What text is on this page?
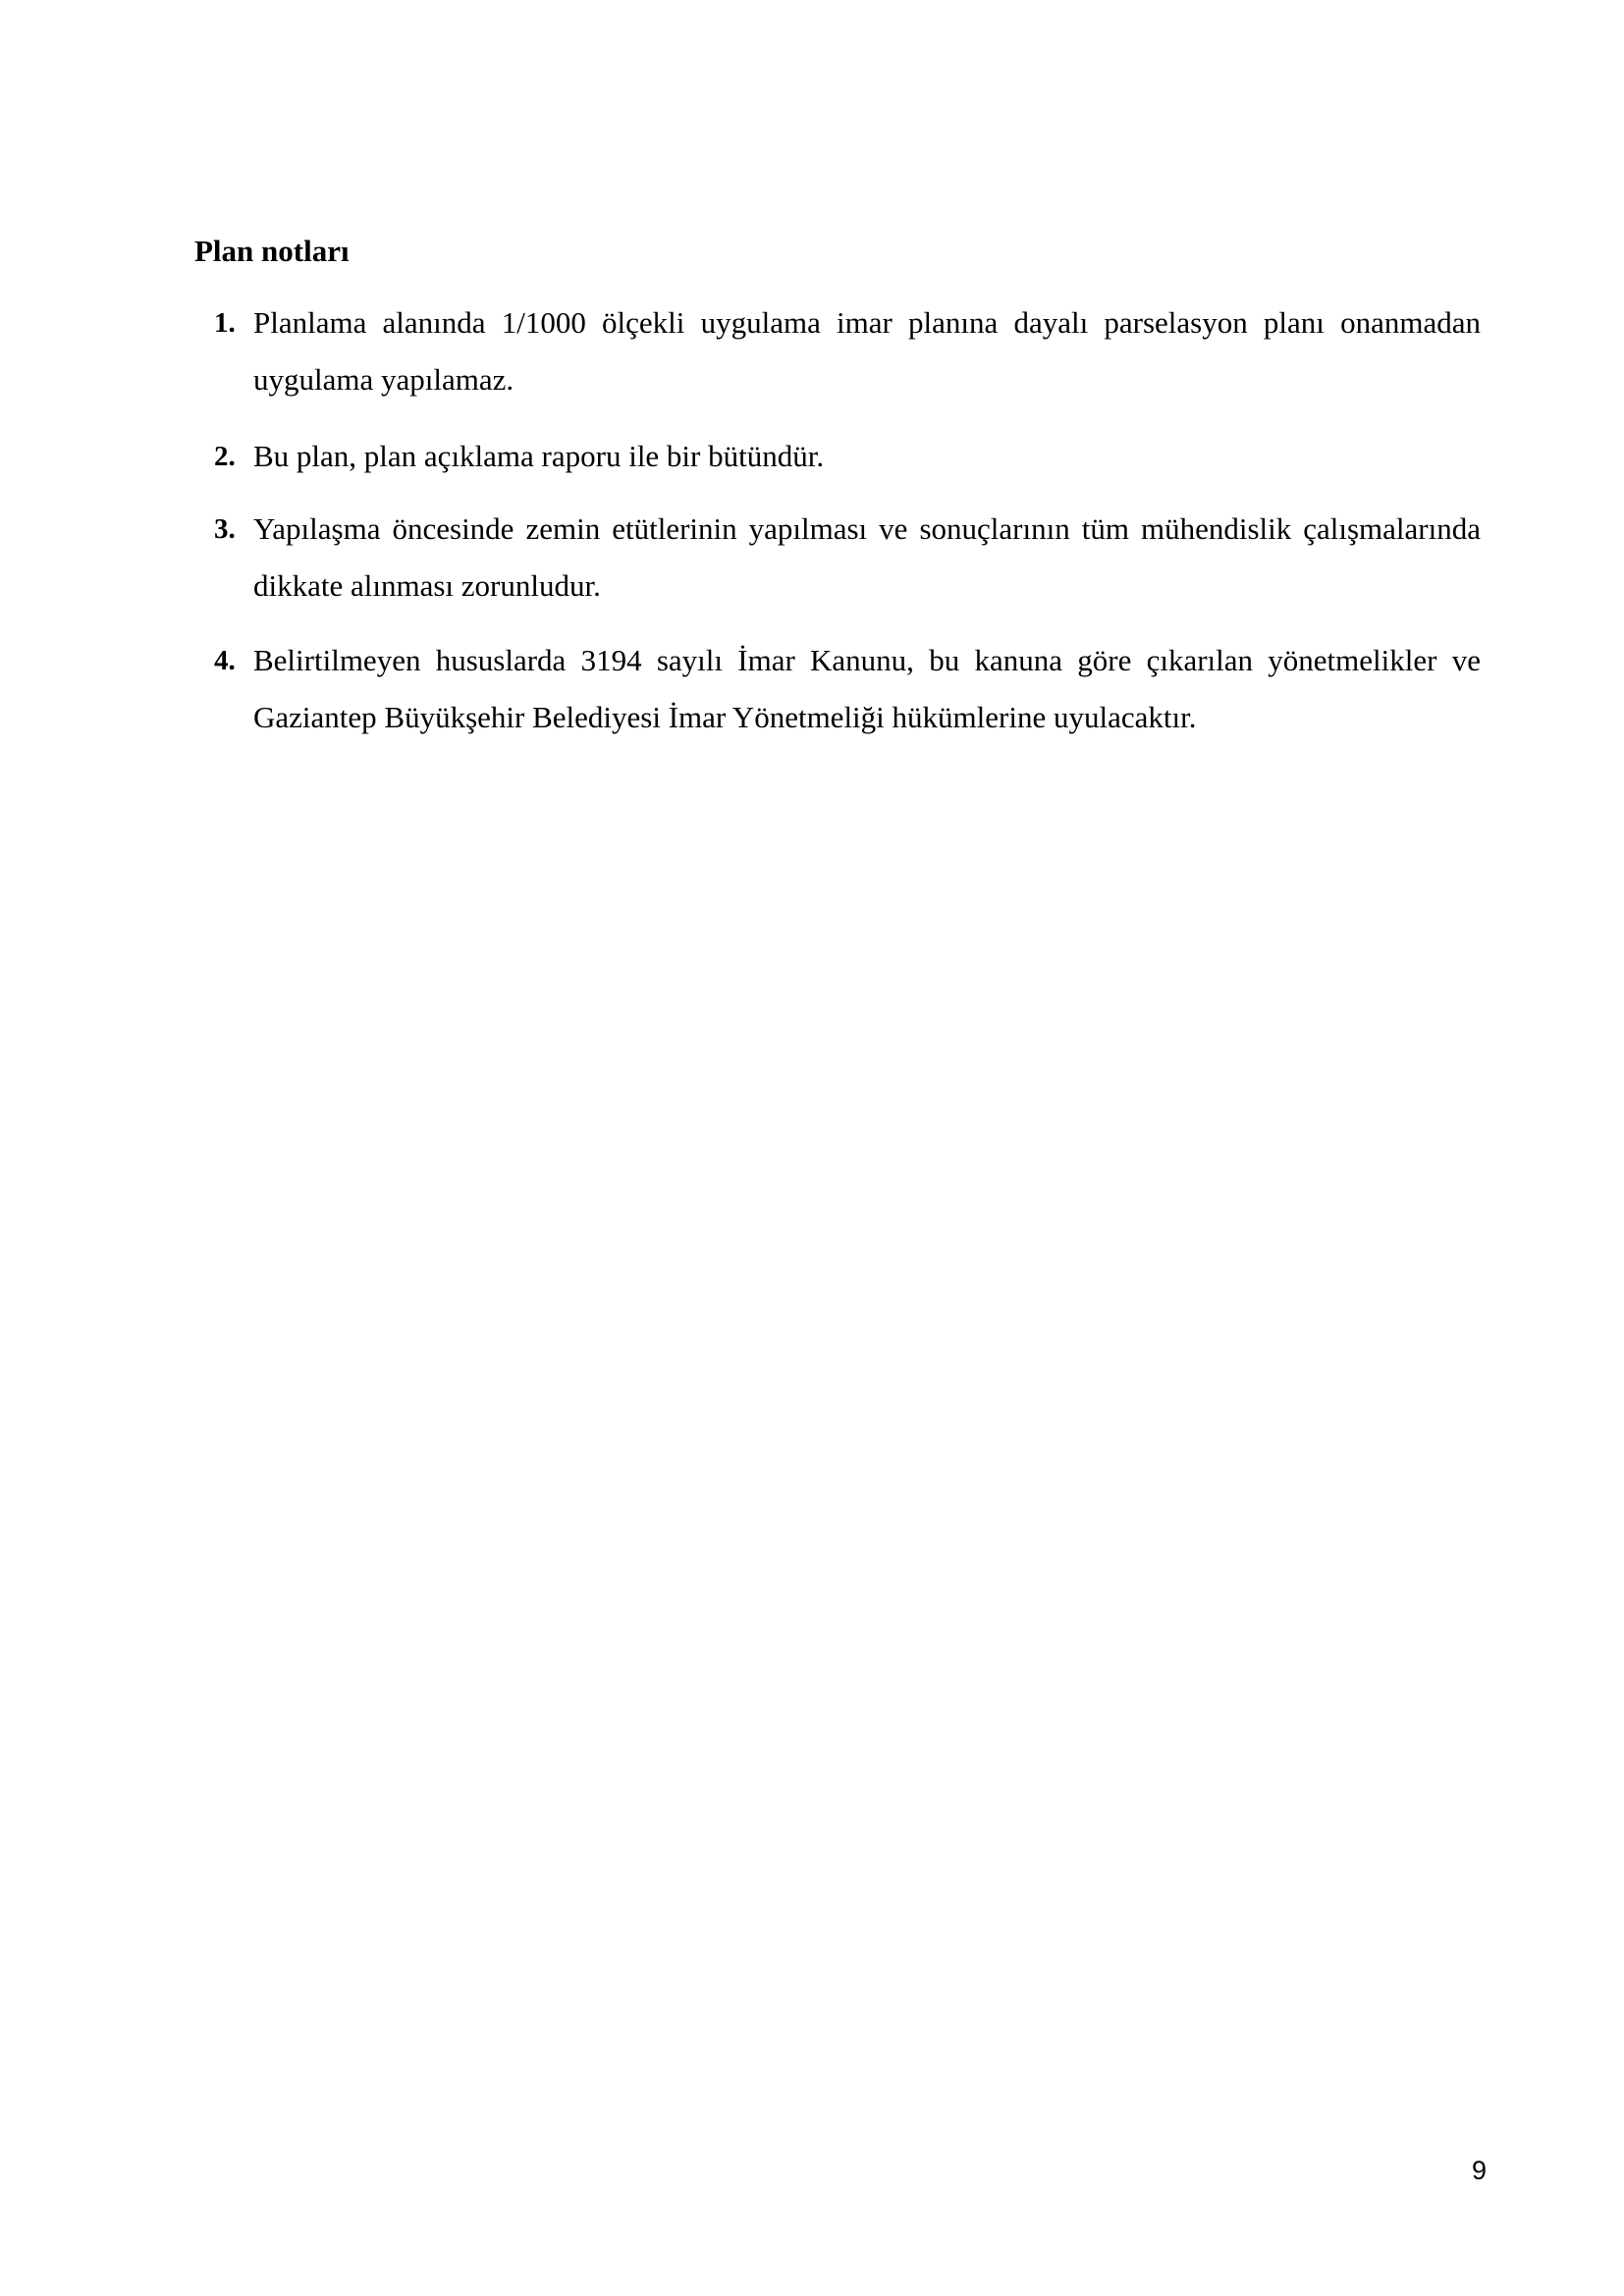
Plan notları
1. Planlama alanında 1/1000 ölçekli uygulama imar planına dayalı parselasyon planı onanmadan uygulama yapılamaz.
2. Bu plan, plan açıklama raporu ile bir bütündür.
3. Yapılaşma öncesinde zemin etütlerinin yapılması ve sonuçlarının tüm mühendislik çalışmalarında dikkate alınması zorunludur.
4. Belirtilmeyen hususlarda 3194 sayılı İmar Kanunu, bu kanuna göre çıkarılan yönetmelikler ve Gaziantep Büyükşehir Belediyesi İmar Yönetmeliği hükümlerine uyulacaktır.
9
